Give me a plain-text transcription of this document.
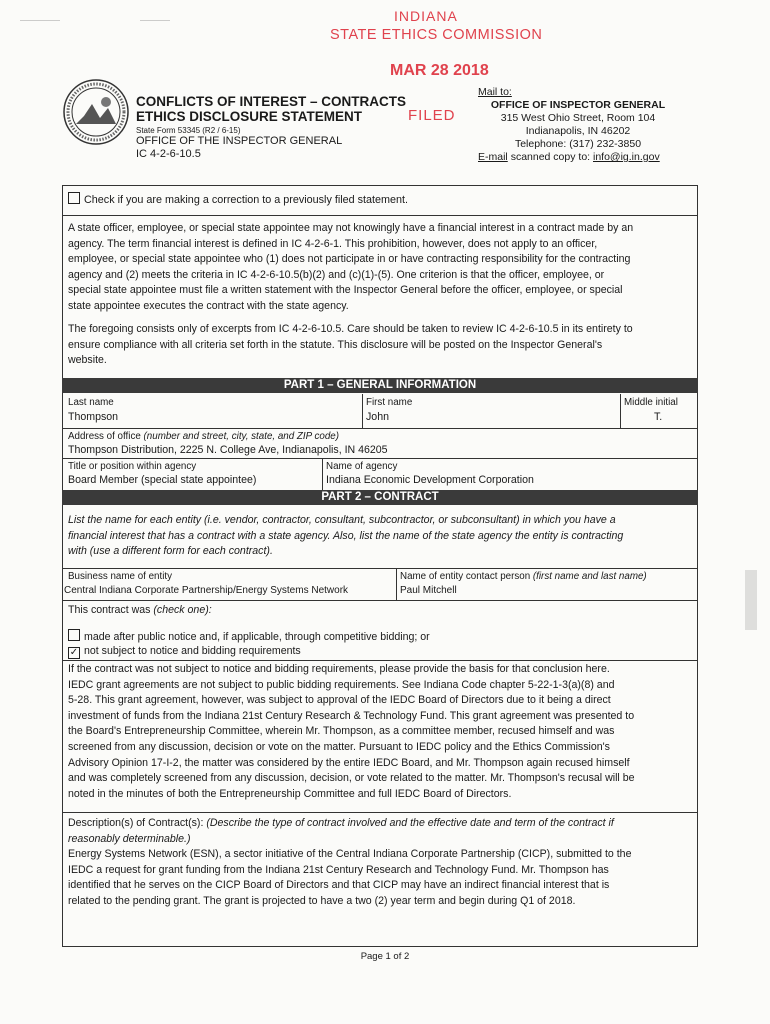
INDIANA
STATE ETHICS COMMISSION
MAR 28 2018
FILED
CONFLICTS OF INTEREST – CONTRACTS
ETHICS DISCLOSURE STATEMENT
State Form 53345 (R2 / 6-15)
OFFICE OF THE INSPECTOR GENERAL
IC 4-2-6-10.5
Mail to:
OFFICE OF INSPECTOR GENERAL
315 West Ohio Street, Room 104
Indianapolis, IN 46202
Telephone: (317) 232-3850
E-mail scanned copy to: info@ig.in.gov
Check if you are making a correction to a previously filed statement.
A state officer, employee, or special state appointee may not knowingly have a financial interest in a contract made by an
agency. The term financial interest is defined in IC 4-2-6-1. This prohibition, however, does not apply to an officer,
employee, or special state appointee who (1) does not participate in or have contracting responsibility for the contracting
agency and (2) meets the criteria in IC 4-2-6-10.5(b)(2) and (c)(1)-(5). One criterion is that the officer, employee, or
special state appointee must file a written statement with the Inspector General before the officer, employee, or special
state appointee executes the contract with the state agency.
The foregoing consists only of excerpts from IC 4-2-6-10.5. Care should be taken to review IC 4-2-6-10.5 in its entirety to
ensure compliance with all criteria set forth in the statute. This disclosure will be posted on the Inspector General's
website.
PART 1 – GENERAL INFORMATION
Last name
Thompson
First name
John
Middle initial
T.
Address of office (number and street, city, state, and ZIP code)
Thompson Distribution, 2225 N. College Ave, Indianapolis, IN 46205
Title or position within agency
Board Member (special state appointee)
Name of agency
Indiana Economic Development Corporation
PART 2 – CONTRACT
List the name for each entity (i.e. vendor, contractor, consultant, subcontractor, or subconsultant) in which you have a
financial interest that has a contract with a state agency. Also, list the name of the state agency the entity is contracting
with (use a different form for each contract).
Business name of entity
Central Indiana Corporate Partnership/Energy Systems Network
Name of entity contact person (first name and last name)
Paul Mitchell
This contract was (check one):
made after public notice and, if applicable, through competitive bidding; or
✓ not subject to notice and bidding requirements
If the contract was not subject to notice and bidding requirements, please provide the basis for that conclusion here.
IEDC grant agreements are not subject to public bidding requirements. See Indiana Code chapter 5-22-1-3(a)(8) and
5-28. This grant agreement, however, was subject to approval of the IEDC Board of Directors due to it being a direct
investment of funds from the Indiana 21st Century Research & Technology Fund. This grant agreement was presented to
the Board's Entrepreneurship Committee, wherein Mr. Thompson, as a committee member, recused himself and was
screened from any discussion, decision or vote on the matter. Pursuant to IEDC policy and the Ethics Commission's
Advisory Opinion 17-I-2, the matter was considered by the entire IEDC Board, and Mr. Thompson again recused himself
and was completely screened from any discussion, decision, or vote related to the matter. Mr. Thompson's recusal will be
noted in the minutes of both the Entrepreneurship Committee and full IEDC Board of Directors.
Description(s) of Contract(s): (Describe the type of contract involved and the effective date and term of the contract if
reasonably determinable.)
Energy Systems Network (ESN), a sector initiative of the Central Indiana Corporate Partnership (CICP), submitted to the
IEDC a request for grant funding from the Indiana 21st Century Research and Technology Fund. Mr. Thompson has
identified that he serves on the CICP Board of Directors and that CICP may have an indirect financial interest that is
related to the pending grant. The grant is projected to have a two (2) year term and begin during Q1 of 2018.
Page 1 of 2
